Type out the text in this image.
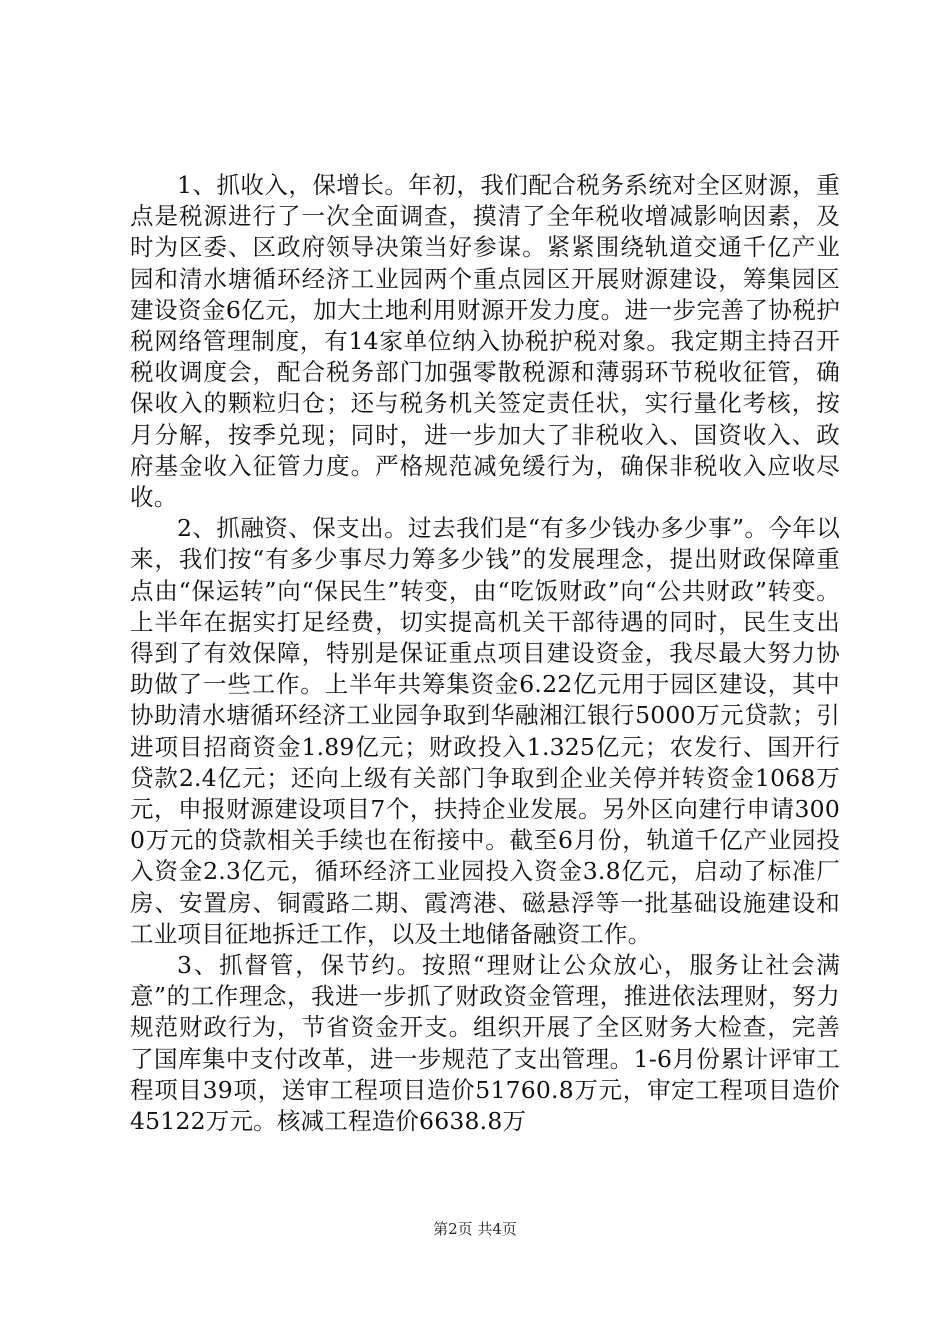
1、抓收入，保增长。年初，我们配合税务系统对全区财源，重点是税源进行了一次全面调查，摸清了全年税收增减影响因素，及时为区委、区政府领导决策当好参谋。紧紧围绕轨道交通千亿产业园和清水塘循环经济工业园两个重点园区开展财源建设，筹集园区建设资金6亿元，加大土地利用财源开发力度。进一步完善了协税护税网络管理制度，有14家单位纳入协税护税对象。我定期主持召开税收调度会，配合税务部门加强零散税源和薄弱环节税收征管，确保收入的颗粒归仓；还与税务机关签定责任状，实行量化考核，按月分解，按季兑现；同时，进一步加大了非税收入、国资收入、政府基金收入征管力度。严格规范减免缓行为，确保非税收入应收尽收。

2、抓融资、保支出。过去我们是“有多少钱办多少事”。今年以来，我们按“有多少事尽力筹多少钱”的发展理念，提出财政保障重点由“保运转”向“保民生”转变，由“吃饭财政”向“公共财政”转变。上半年在据实打足经费，切实提高机关干部待遇的同时，民生支出得到了有效保障，特别是保证重点项目建设资金，我尽最大努力协助做了一些工作。上半年共筹集资金6.22亿元用于园区建设，其中协助清水塘循环经济工业园争取到华融湘江银行5000万元贷款；引进项目招商资金1.89亿元；财政投入1.325亿元；农发行、国开行贷款2.4亿元；还向上级有关部门争取到企业关停并转资金1068万元，申报财源建设项目7个，扶持企业发展。另外区向建行申请3000万元的贷款相关手续也在衔接中。截至6月份，轨道千亿产业园投入资金2.3亿元，循环经济工业园投入资金3.8亿元，启动了标准厂房、安置房、铜霞路二期、霞湾港、磁悬浮等一批基础设施建设和工业项目征地拆迁工作，以及土地储备融资工作。

3、抓督管，保节约。按照“理财让公众放心，服务让社会满意”的工作理念，我进一步抓了财政资金管理，推进依法理财，努力规范财政行为，节省资金开支。组织开展了全区财务大检查，完善了国库集中支付改革，进一步规范了支出管理。1-6月份累计评审工程项目39项，送审工程项目造价51760.8万元，审定工程项目造价45122万元。核减工程造价6638.8万

第2页 共4页
